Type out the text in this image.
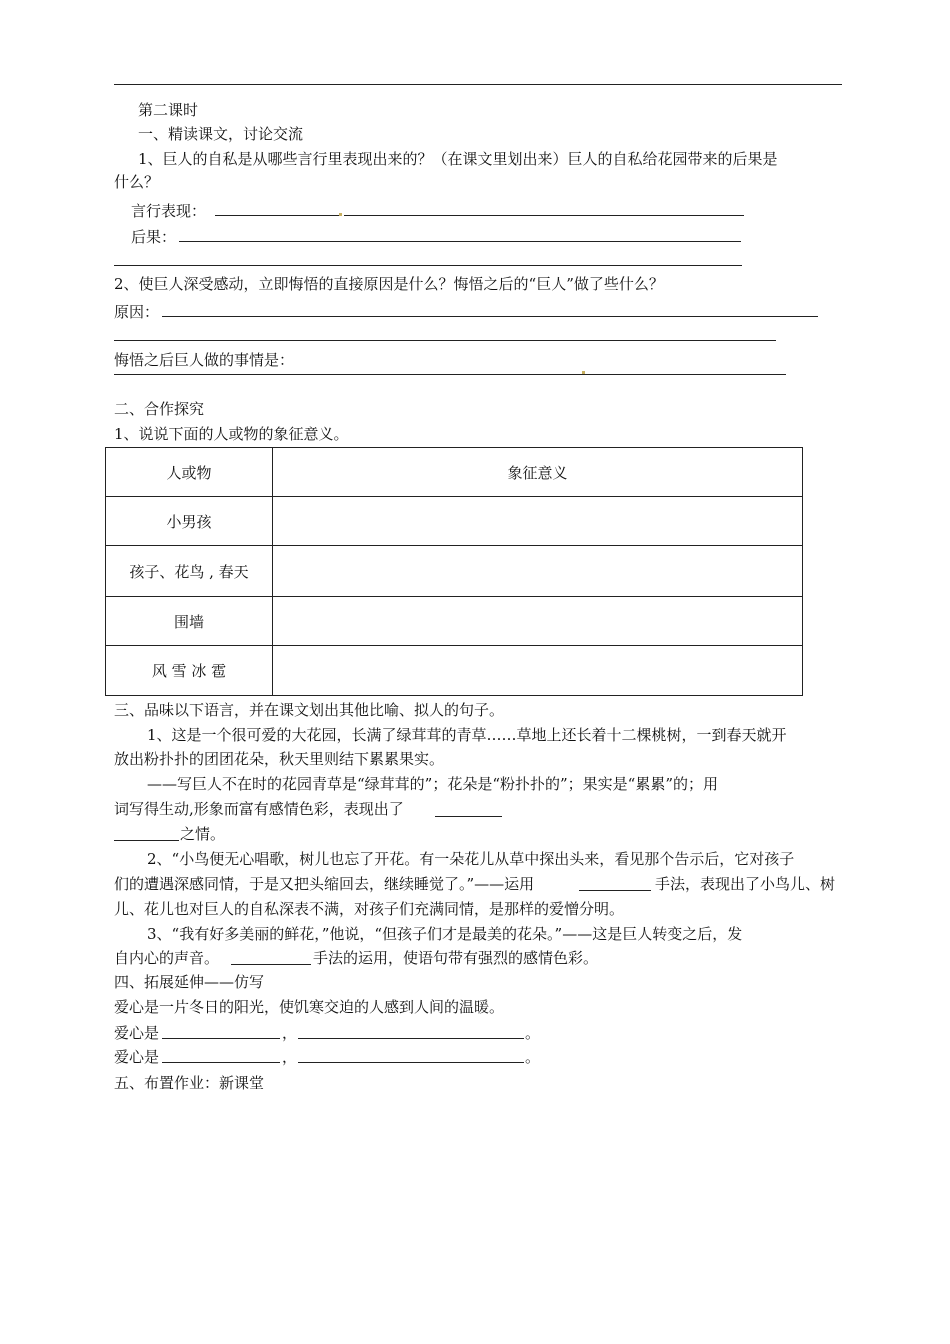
第二课时
一、精读课文，讨论交流
1、巨人的自私是从哪些言行里表现出来的？（在课文里划出来）巨人的自私给花园带来的后果是
什么？
言行表现：
后果：
2、使巨人深受感动，立即悔悟的直接原因是什么？悔悟之后的“巨人”做了些什么？
原因：
悔悟之后巨人做的事情是：
二、合作探究
1、说说下面的人或物的象征意义。
人或物	象征意义
小男孩	
孩子、花鸟 , 春天	
围墙	
风 雪 冰 雹	
三、品味以下语言，并在课文划出其他比喻、拟人的句子。
1、这是一个很可爱的大花园，长满了绿茸茸的青草……草地上还长着十二棵桃树，一到春天就开
放出粉扑扑的团团花朵，秋天里则结下累累果实。
——写巨人不在时的花园青草是“绿茸茸的”；花朵是“粉扑扑的”；果实是“累累”的；用
词写得生动,形象而富有感情色彩，表现出了
之情。
2、“小鸟便无心唱歌，树儿也忘了开花。有一朵花儿从草中探出头来，看见那个告示后，它对孩子
们的遭遇深感同情，于是又把头缩回去，继续睡觉了。”——运用	手法，表现出了小鸟儿、树
儿、花儿也对巨人的自私深表不满，对孩子们充满同情，是那样的爱憎分明。
3、“我有好多美丽的鲜花，”他说，“但孩子们才是最美的花朵。”——这是巨人转变之后，发
自内心的声音。	手法的运用，使语句带有强烈的感情色彩。
四、拓展延伸——仿写
爱心是一片冬日的阳光，使饥寒交迫的人感到人间的温暖。
爱心是	，	。
爱心是	，	。
五、布置作业：新课堂
